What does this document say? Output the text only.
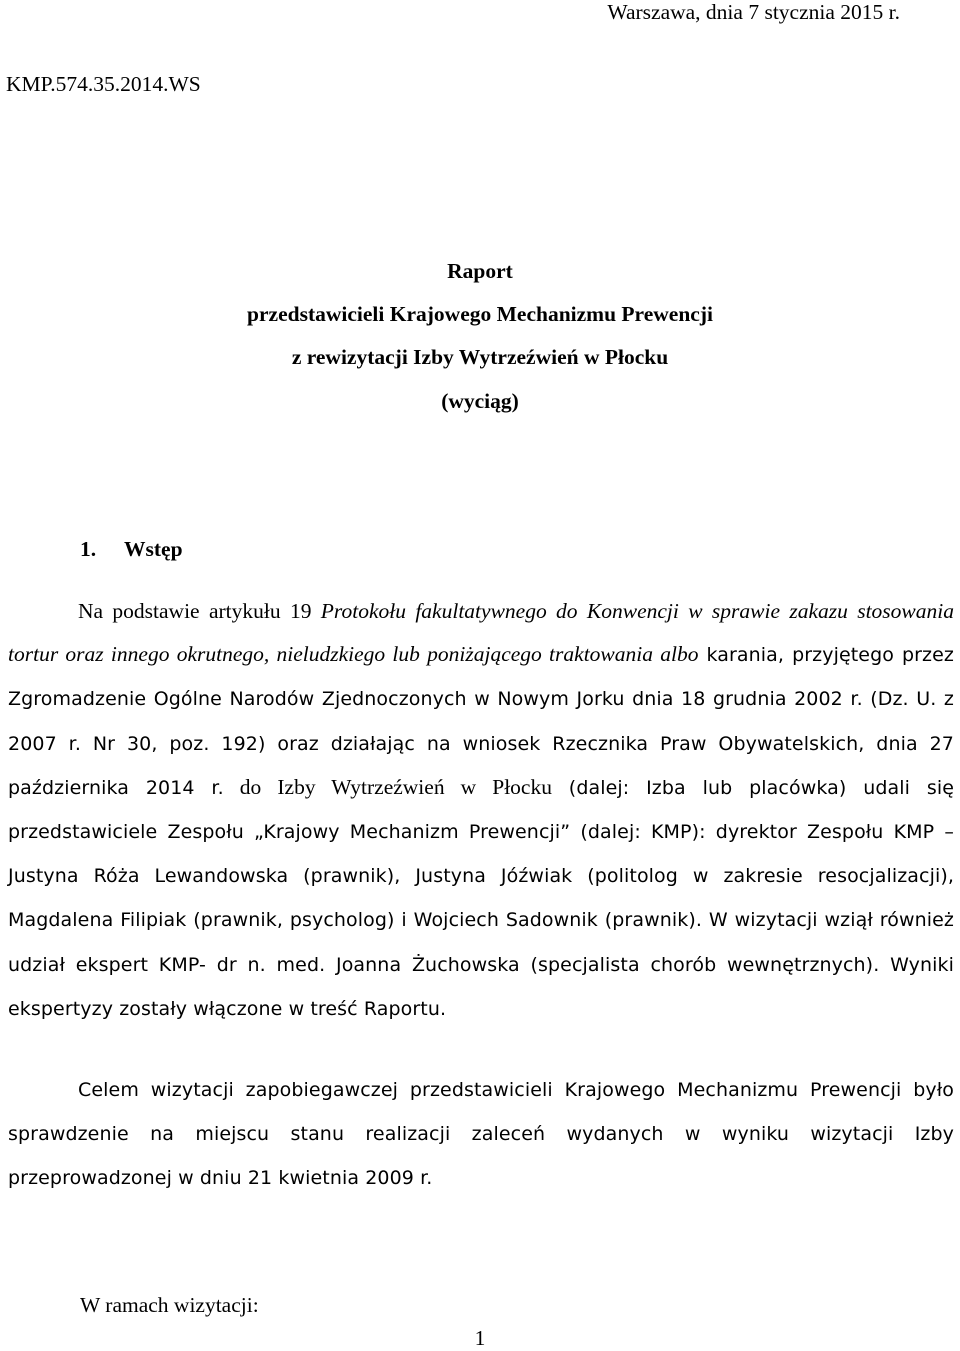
Warszawa, dnia 7 stycznia 2015 r.
KMP.574.35.2014.WS
Raport
przedstawicieli Krajowego Mechanizmu Prewencji
z rewizytacji Izby Wytrzeźwień w Płocku
(wyciąg)
1. Wstęp
Na podstawie artykułu 19 Protokołu fakultatywnego do Konwencji w sprawie zakazu stosowania tortur oraz innego okrutnego, nieludzkiego lub poniżającego traktowania albo karania, przyjętego przez Zgromadzenie Ogólne Narodów Zjednoczonych w Nowym Jorku dnia 18 grudnia 2002 r. (Dz. U. z 2007 r. Nr 30, poz. 192) oraz działając na wniosek Rzecznika Praw Obywatelskich, dnia 27 października 2014 r. do Izby Wytrzeźwień w Płocku (dalej: Izba lub placówka) udali się przedstawiciele Zespołu „Krajowy Mechanizm Prewencji” (dalej: KMP): dyrektor Zespołu KMP – Justyna Róża Lewandowska (prawnik), Justyna Jóźwiak (politolog w zakresie resocjalizacji), Magdalena Filipiak (prawnik, psycholog) i Wojciech Sadownik (prawnik). W wizytacji wziął również udział ekspert KMP- dr n. med. Joanna Żuchowska (specjalista chorób wewnętrznych). Wyniki ekspertyzy zostały włączone w treść Raportu.
Celem wizytacji zapobiegawczej przedstawicieli Krajowego Mechanizmu Prewencji było sprawdzenie na miejscu stanu realizacji zaleceń wydanych w wyniku wizytacji Izby przeprowadzonej w dniu 21 kwietnia 2009 r.
W ramach wizytacji:
1
